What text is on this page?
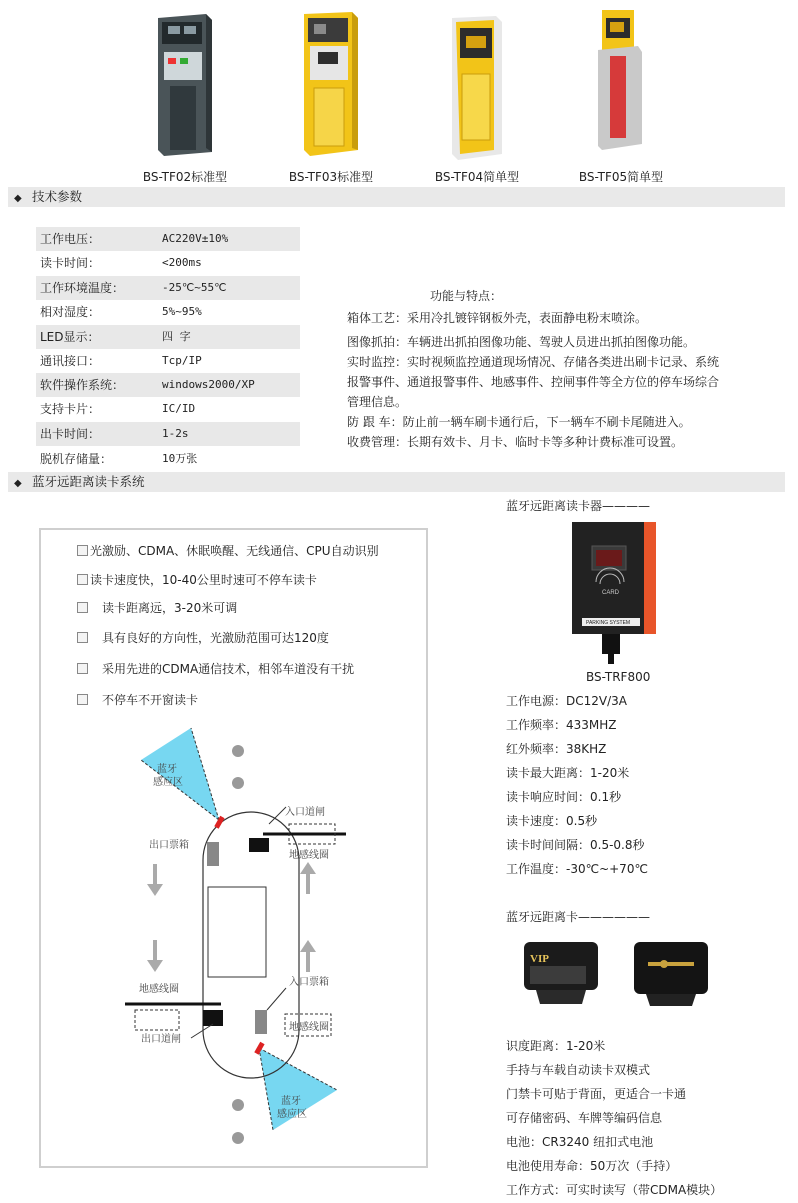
BS-TF02标准型	BS-TF03标准型	BS-TF04简单型	BS-TF05简单型
◆ 技术参数
工作电压：	AC220V±10%
读卡时间：	<200ms
工作环境温度：	-25℃~55℃
相对湿度：	5%~95%
LED显示：	四 字
通讯接口：	Tcp/IP
软件操作系统：	windows2000/XP
支持卡片：	IC/ID
出卡时间：	1-2s
脱机存储量：	10万张
功能与特点：
箱体工艺：采用冷扎镀锌钢板外壳，表面静电粉末喷涂。
图像抓拍：车辆进出抓拍图像功能、驾驶人员进出抓拍图像功能。
实时监控：实时视频监控通道现场情况、存储各类进出刷卡记录、系统
报警事件、通道报警事件、地感事件、控闸事件等全方位的停车场综合
管理信息。
防 跟 车：防止前一辆车刷卡通行后，下一辆车不刷卡尾随进入。
收费管理：长期有效卡、月卡、临时卡等多种计费标准可设置。
◆ 蓝牙远距离读卡系统
光激励、CDMA、休眠唤醒、无线通信、CPU自动识别
读卡速度快，10-40公里时速可不停车读卡
读卡距离远，3-20米可调
具有良好的方向性，光激励范围可达120度
采用先进的CDMA通信技术，相邻车道没有干扰
不停车不开窗读卡
蓝牙
感应区
入口道闸
出口票箱
地感线圈
入口票箱
地感线圈
地感线圈
出口道闸
蓝牙
感应区
蓝牙远距离读卡器————
CARD
PARKING SYSTEM
BS-TRF800
工作电源：DC12V/3A
工作频率：433MHZ
红外频率：38KHZ
读卡最大距离：1-20米
读卡响应时间：0.1秒
读卡速度：0.5秒
读卡时间间隔：0.5-0.8秒
工作温度：-30℃~+70℃
蓝牙远距离卡——————
VIP
识度距离：1-20米
手持与车载自动读卡双模式
门禁卡可贴于背面，更适合一卡通
可存储密码、车牌等编码信息
电池：CR3240 纽扣式电池
电池使用寿命：50万次（手持）
工作方式：可实时读写（带CDMA模块）
